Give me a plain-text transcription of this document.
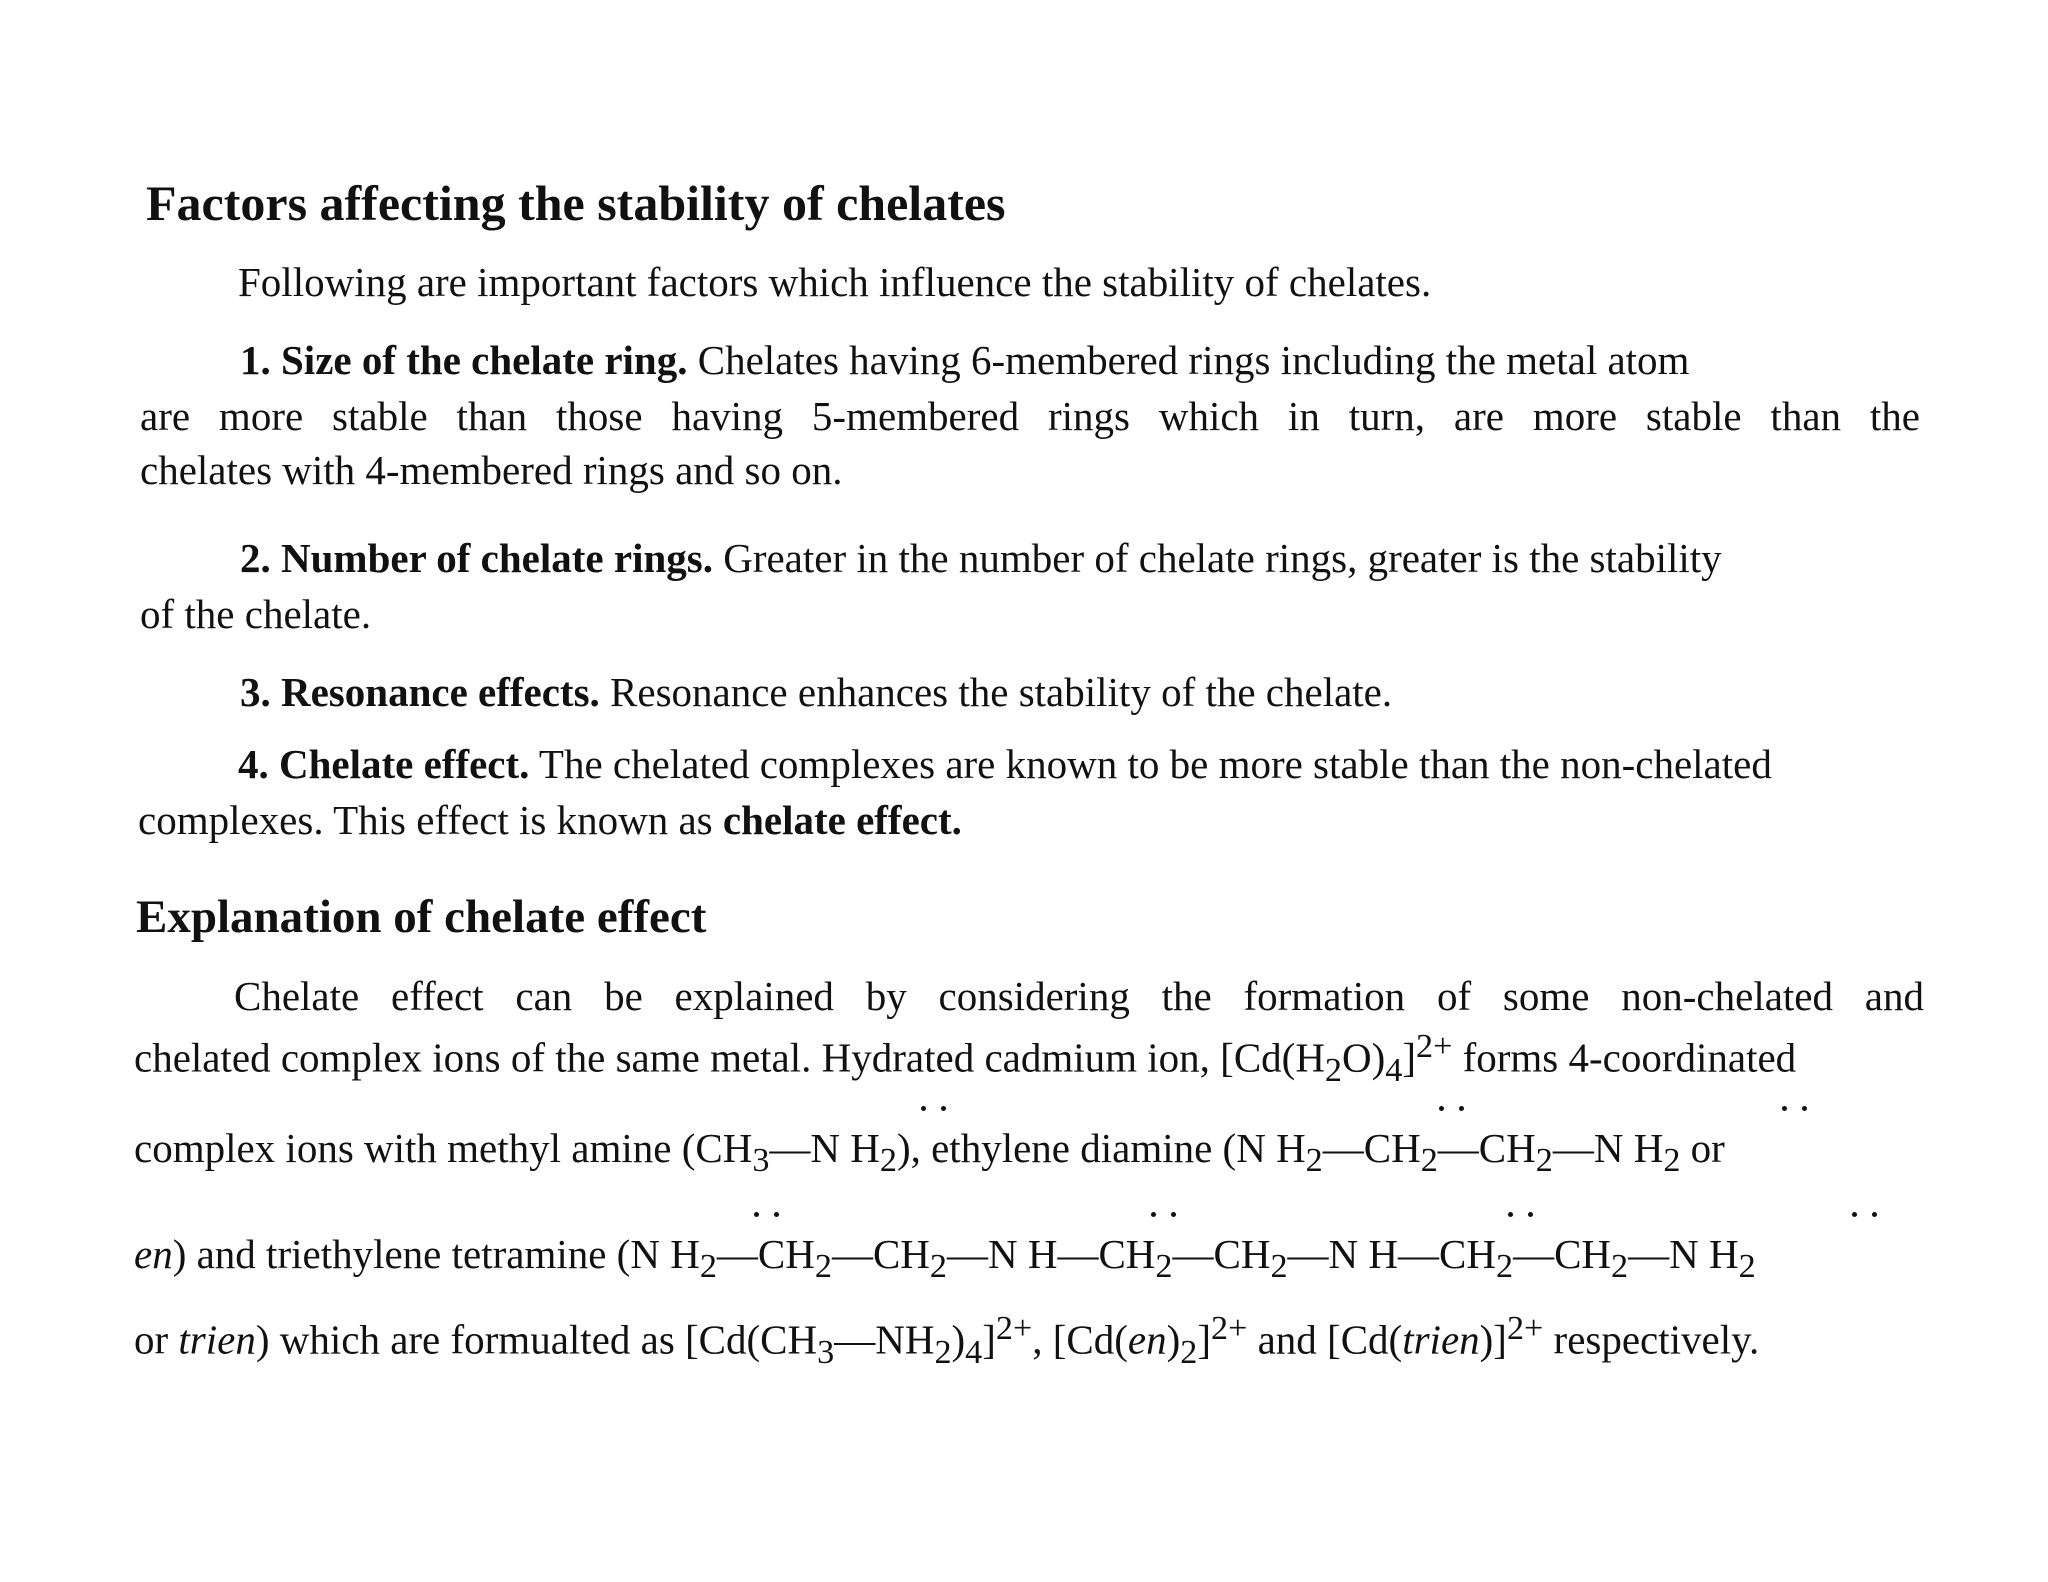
Factors affecting the stability of chelates
Following are important factors which influence the stability of chelates.
1. Size of the chelate ring. Chelates having 6-membered rings including the metal atom
are more stable than those having 5-membered rings which in turn, are more stable than the
chelates with 4-membered rings and so on.
2. Number of chelate rings. Greater in the number of chelate rings, greater is the stability
of the chelate.
3. Resonance effects. Resonance enhances the stability of the chelate.
4. Chelate effect. The chelated complexes are known to be more stable than the non-chelated
complexes. This effect is known as chelate effect.
Explanation of chelate effect
Chelate effect can be explained by considering the formation of some non-chelated and
chelated complex ions of the same metal. Hydrated cadmium ion, $[Cd(H_2O)_4]^{2+}$ forms 4-coordinated
complex ions with methyl amine ($CH_3—N$ $H_2$), ethylene diamine (N $H_2—CH_2—CH_2—N$ $H_2$ or
en) and triethylene tetramine (N $H_2—CH_2—CH_2—N$ $H—CH_2—CH_2—N$ $H—CH_2—CH_2—N$ $H_2$
or trien) which are formualted as $[Cd(CH_3—NH_2)_4]^{2+}$, $[Cd(en)_2]^{2+}$ and [Cd(trien)]$^{2+}$ respectively.
